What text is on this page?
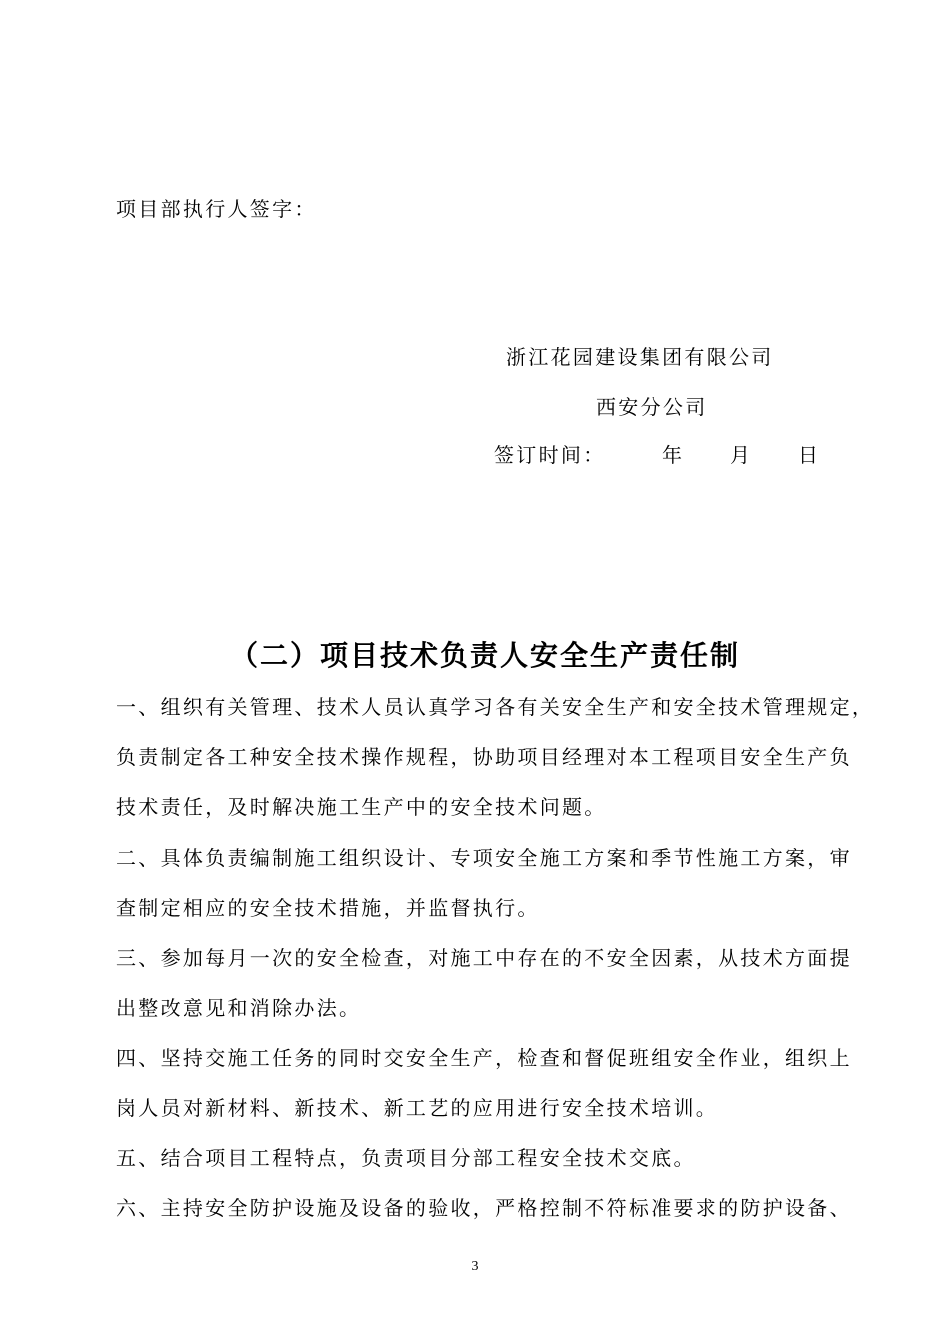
项目部执行人签字：
浙江花园建设集团有限公司
西安分公司
签订时间：	年 月 日
（二）项目技术负责人安全生产责任制
一、组织有关管理、技术人员认真学习各有关安全生产和安全技术管理规定，
负责制定各工种安全技术操作规程，协助项目经理对本工程项目安全生产负
技术责任，及时解决施工生产中的安全技术问题。
二、具体负责编制施工组织设计、专项安全施工方案和季节性施工方案，审
查制定相应的安全技术措施，并监督执行。
三、参加每月一次的安全检查，对施工中存在的不安全因素，从技术方面提
出整改意见和消除办法。
四、坚持交施工任务的同时交安全生产，检查和督促班组安全作业，组织上
岗人员对新材料、新技术、新工艺的应用进行安全技术培训。
五、结合项目工程特点，负责项目分部工程安全技术交底。
六、主持安全防护设施及设备的验收，严格控制不符标准要求的防护设备、
3
